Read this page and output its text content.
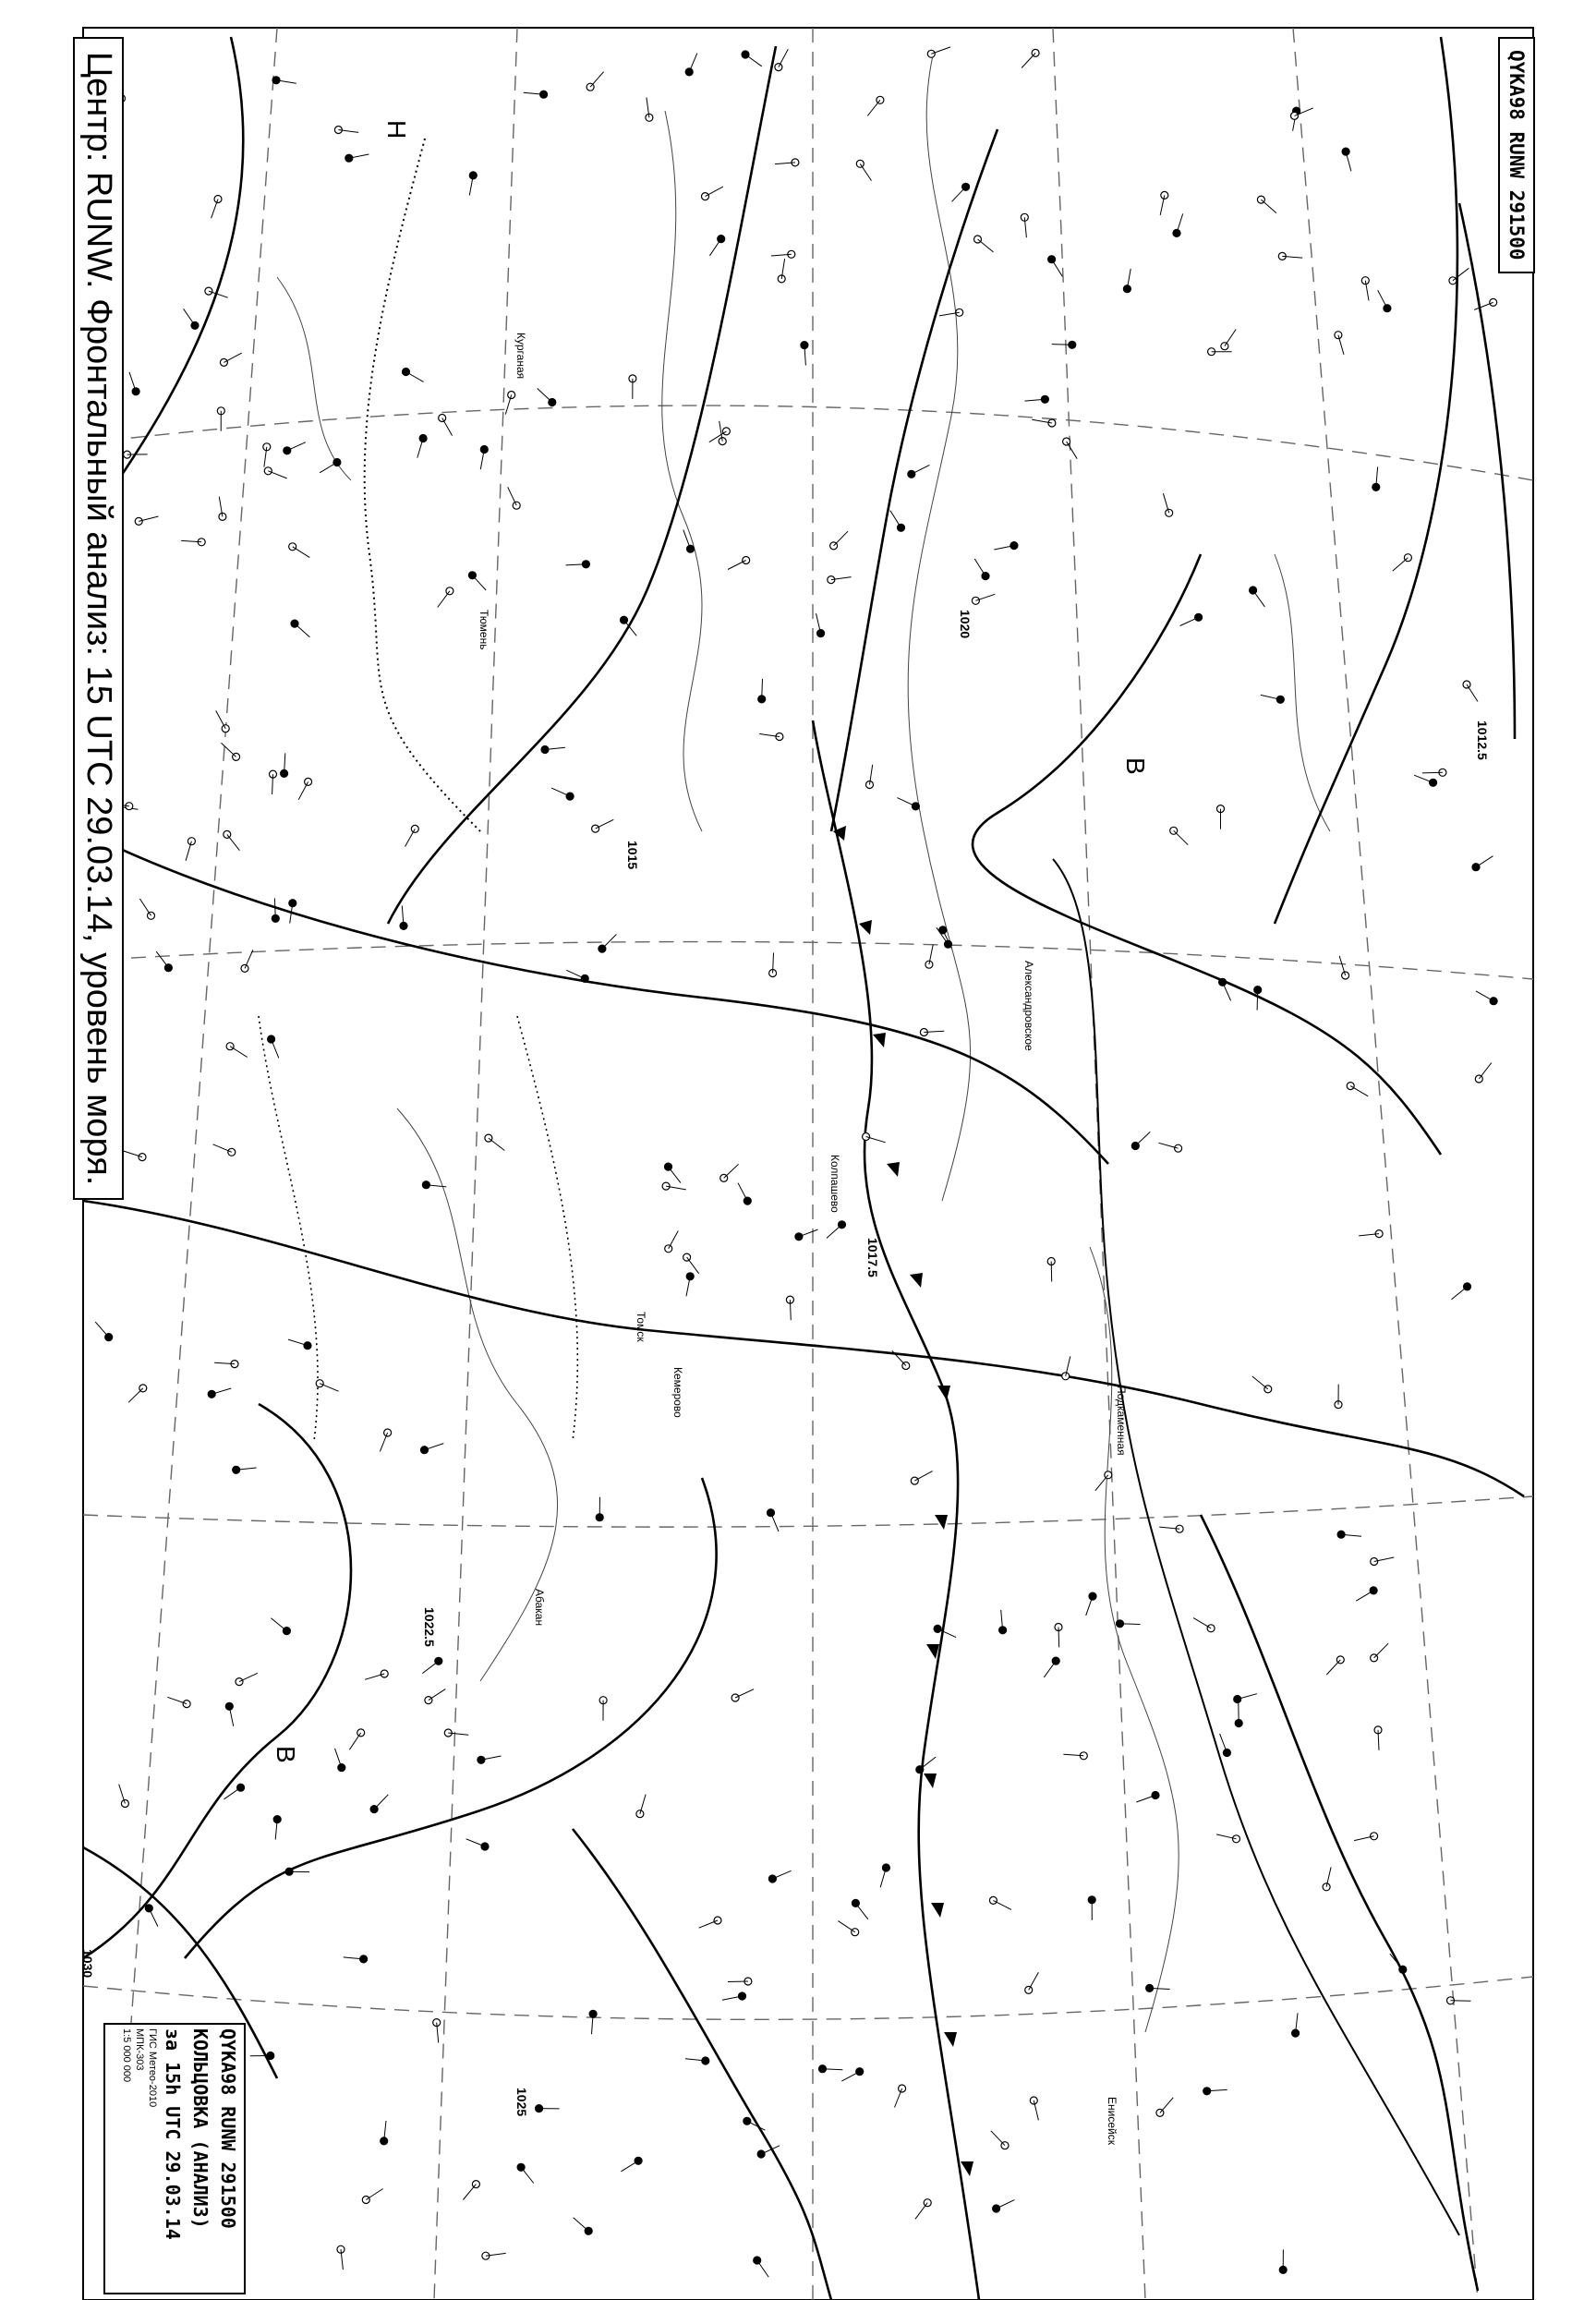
1012.5
1015
1017.5
1020
1022.5
1025
1030
Н
В
В
Курганая
Тюмень
Томск
Кемерово
Абакан
Александровское
Подкаменная
Енисейск
Колпашево
Центр: RUNW. Фронтальный анализ: 15 UTC 29.03.14, уровень моря.	QYKA98 RUNW 291500
QYKA98 RUNW 291500
КОЛЬЦОВКА (АНАЛИЗ)
за 15h UTC 29.03.14
ГИС Метео-2010
МПК-303
1:5 000 000
